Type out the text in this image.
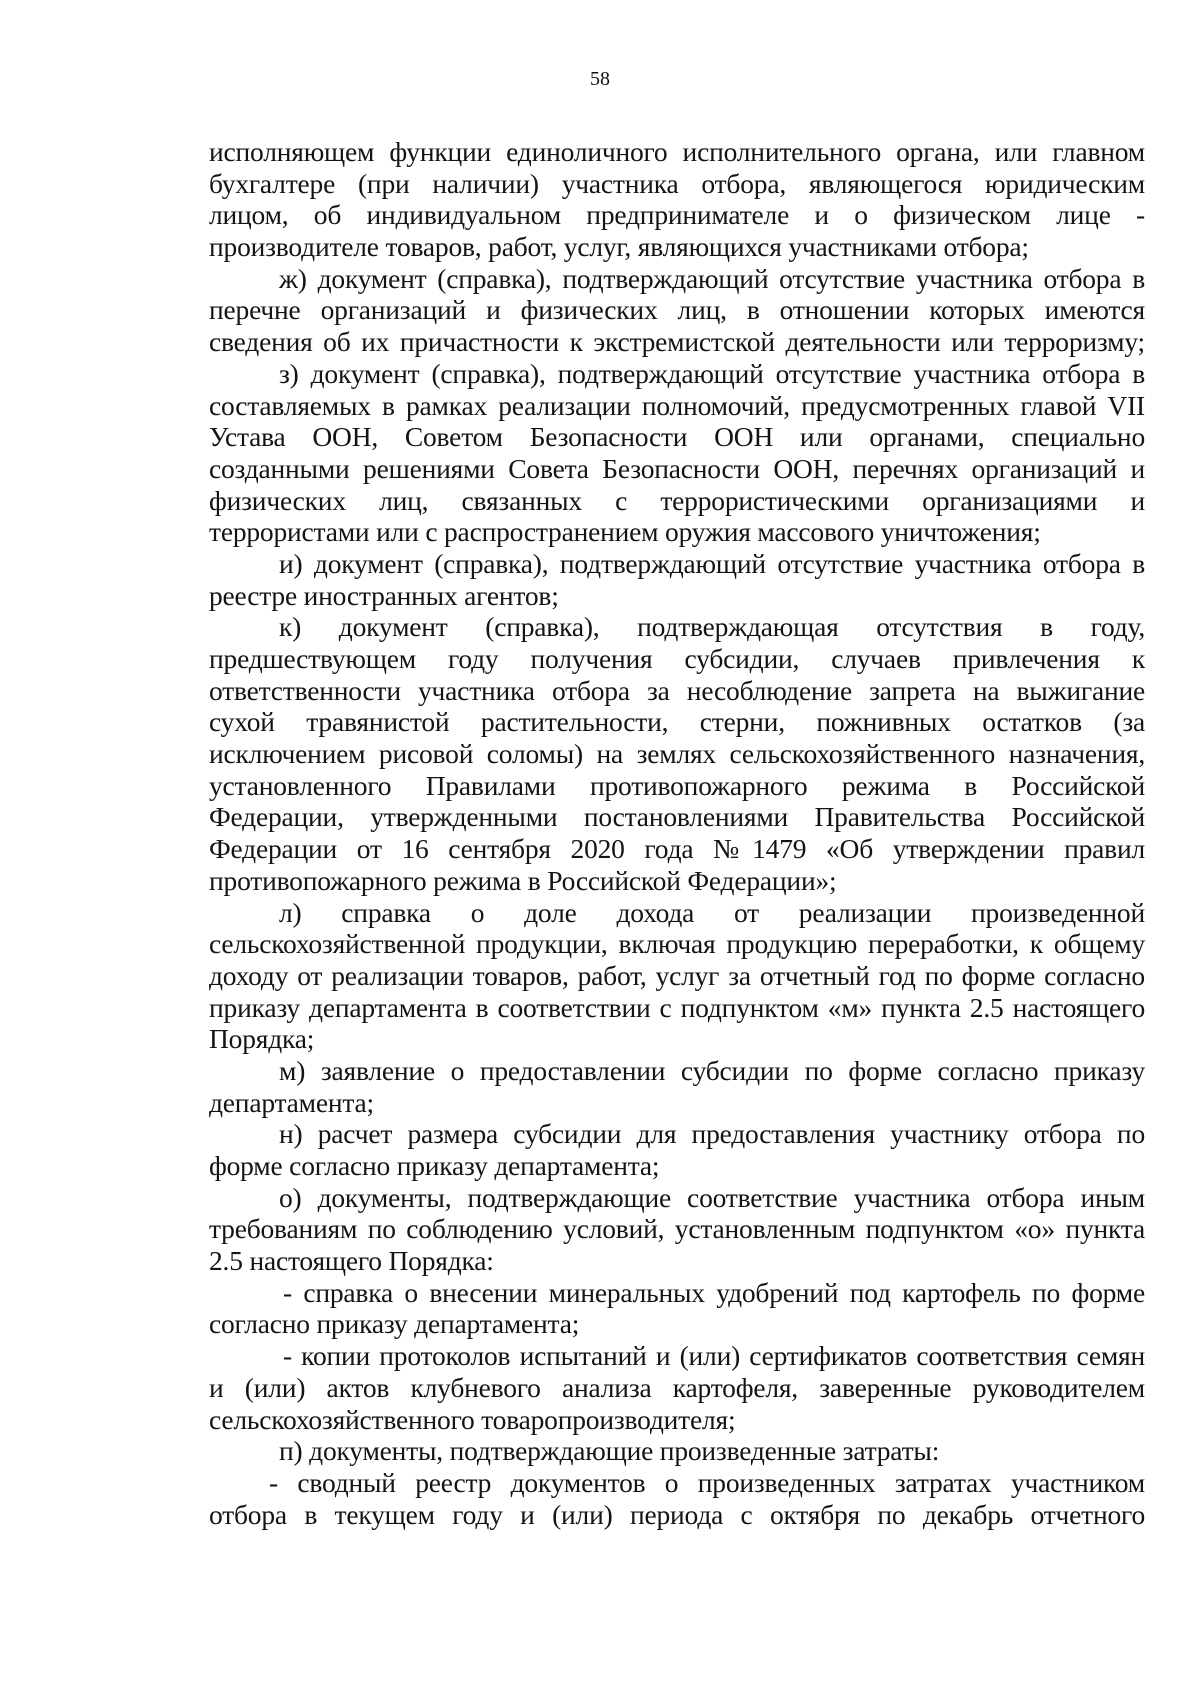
58
исполняющем функции единоличного исполнительного органа, или главном
бухгалтере (при наличии) участника отбора, являющегося юридическим
лицом, об индивидуальном предпринимателе и о физическом лице -
производителе товаров, работ, услуг, являющихся участниками отбора;
ж) документ (справка), подтверждающий отсутствие участника отбора в
перечне организаций и физических лиц, в отношении которых имеются
сведения об их причастности к экстремистской деятельности или терроризму;
з) документ (справка), подтверждающий отсутствие участника отбора в
составляемых в рамках реализации полномочий, предусмотренных главой VII
Устава ООН, Советом Безопасности ООН или органами, специально
созданными решениями Совета Безопасности ООН, перечнях организаций и
физических лиц, связанных с террористическими организациями и
террористами или с распространением оружия массового уничтожения;
и) документ (справка), подтверждающий отсутствие участника отбора в
реестре иностранных агентов;
к) документ (справка), подтверждающая отсутствия в году,
предшествующем году получения субсидии, случаев привлечения к
ответственности участника отбора за несоблюдение запрета на выжигание
сухой травянистой растительности, стерни, пожнивных остатков (за
исключением рисовой соломы) на землях сельскохозяйственного назначения,
установленного Правилами противопожарного режима в Российской
Федерации, утвержденными постановлениями Правительства Российской
Федерации от 16 сентября 2020 года №1479 «Об утверждении правил
противопожарного режима в Российской Федерации»;
л) справка о доле дохода от реализации произведенной
сельскохозяйственной продукции, включая продукцию переработки, к общему
доходу от реализации товаров, работ, услуг за отчетный год по форме согласно
приказу департамента в соответствии с подпунктом «м» пункта 2.5 настоящего
Порядка;
м) заявление о предоставлении субсидии по форме согласно приказу
департамента;
н) расчет размера субсидии для предоставления участнику отбора по
форме согласно приказу департамента;
о) документы, подтверждающие соответствие участника отбора иным
требованиям по соблюдению условий, установленным подпунктом «о» пункта
2.5 настоящего Порядка:
- справка о внесении минеральных удобрений под картофель по форме
согласно приказу департамента;
- копии протоколов испытаний и (или) сертификатов соответствия семян
и (или) актов клубневого анализа картофеля, заверенные руководителем
сельскохозяйственного товаропроизводителя;
п) документы, подтверждающие произведенные затраты:
- сводный реестр документов о произведенных затратах участником
отбора в текущем году и (или) периода с октября по декабрь отчетного
